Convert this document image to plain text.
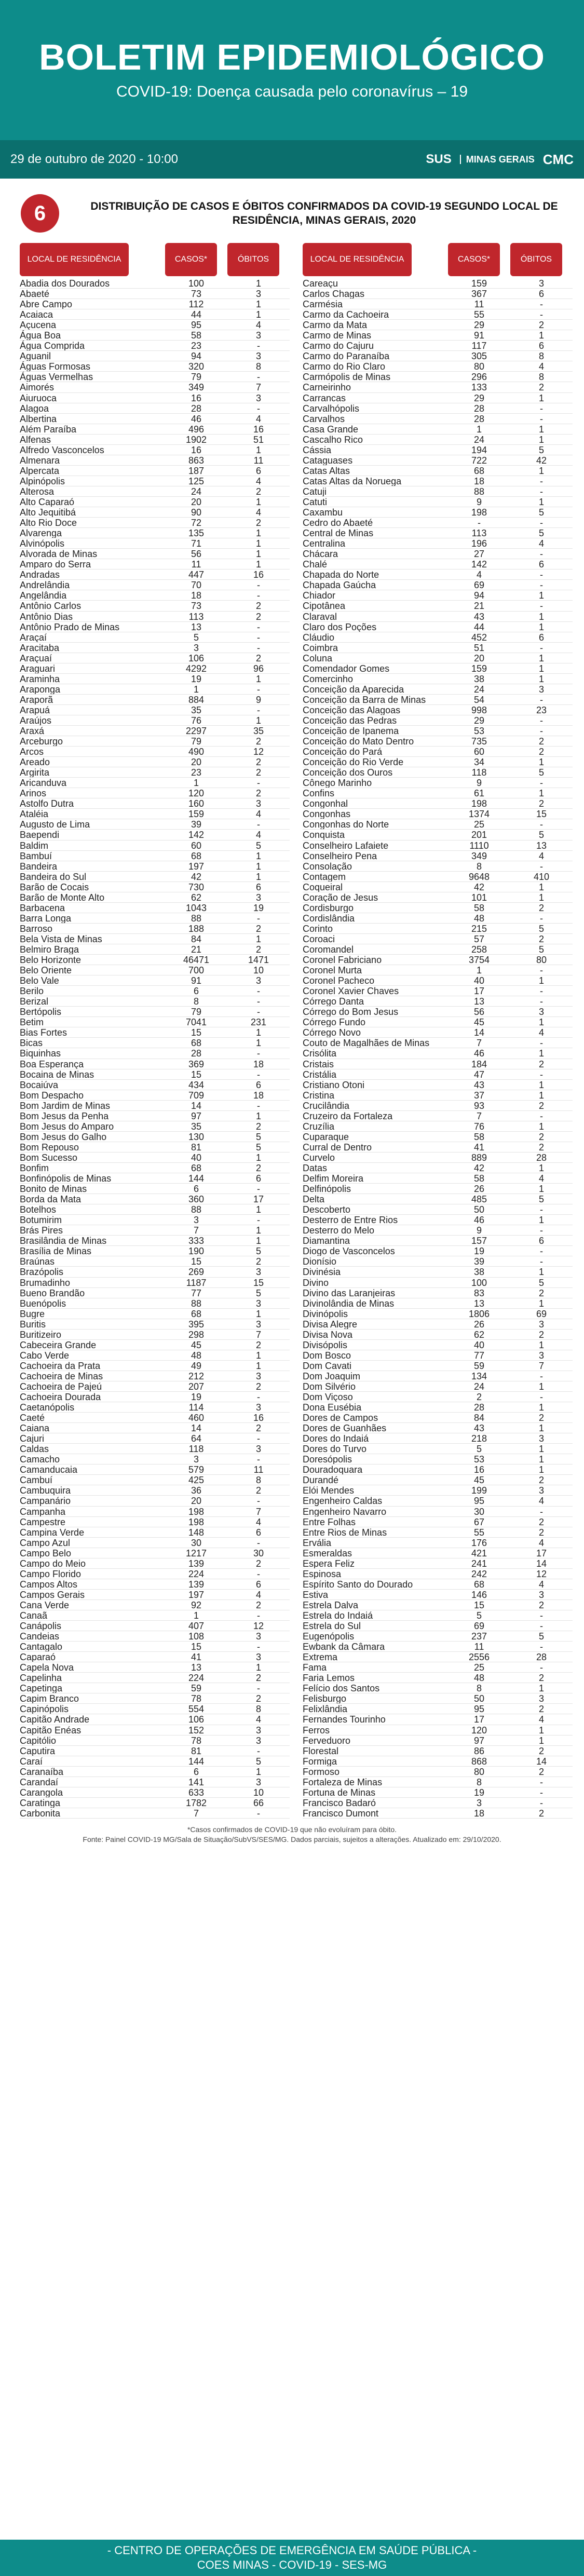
BOLETIM EPIDEMIOLÓGICO
COVID-19: Doença causada pelo coronavírus – 19
29 de outubro de 2020 - 10:00	SUS	MINAS GERAIS CMC
6	DISTRIBUIÇÃO DE CASOS E ÓBITOS CONFIRMADOS DA COVID-19 SEGUNDO LOCAL DE RESIDÊNCIA, MINAS GERAIS, 2020
LOCAL DE RESIDÊNCIA	CASOS*	ÓBITOS
Abadia dos Dourados	100	1
Abaeté	73	3
Abre Campo	112	1
Acaiaca	44	1
Açucena	95	4
Água Boa	58	3
Água Comprida	23	-
Aguanil	94	3
Águas Formosas	320	8
Águas Vermelhas	79	-
Aimorés	349	7
Aiuruoca	16	3
Alagoa	28	-
Albertina	46	4
Além Paraíba	496	16
Alfenas	1902	51
Alfredo Vasconcelos	16	1
Almenara	863	11
Alpercata	187	6
Alpinópolis	125	4
Alterosa	24	2
Alto Caparaó	20	1
Alto Jequitibá	90	4
Alto Rio Doce	72	2
Alvarenga	135	1
Alvinópolis	71	1
Alvorada de Minas	56	1
Amparo do Serra	11	1
Andradas	447	16
Andrelândia	70	-
Angelândia	18	-
Antônio Carlos	73	2
Antônio Dias	113	2
Antônio Prado de Minas	13	-
Araçaí	5	-
Aracitaba	3	-
Araçuaí	106	2
Araguari	4292	96
Araminha	19	1
Araponga	1	-
Araporã	884	9
Arapuá	35	-
Araújos	76	1
Araxá	2297	35
Arceburgo	79	2
Arcos	490	12
Areado	20	2
Argirita	23	2
Aricanduva	1	-
Arinos	120	2
Astolfo Dutra	160	3
Ataléia	159	4
Augusto de Lima	39	-
Baependi	142	4
Baldim	60	5
Bambuí	68	1
Bandeira	197	1
Bandeira do Sul	42	1
Barão de Cocais	730	6
Barão de Monte Alto	62	3
Barbacena	1043	19
Barra Longa	88	-
Barroso	188	2
Bela Vista de Minas	84	1
Belmiro Braga	21	2
Belo Horizonte	46471	1471
Belo Oriente	700	10
Belo Vale	91	3
Berilo	6	-
Berizal	8	-
Bertópolis	79	-
Betim	7041	231
Bias Fortes	15	1
Bicas	68	1
Biquinhas	28	-
Boa Esperança	369	18
Bocaina de Minas	15	-
Bocaiúva	434	6
Bom Despacho	709	18
Bom Jardim de Minas	14	-
Bom Jesus da Penha	97	1
Bom Jesus do Amparo	35	2
Bom Jesus do Galho	130	5
Bom Repouso	81	5
Bom Sucesso	40	1
Bonfim	68	2
Bonfinópolis de Minas	144	6
Bonito de Minas	6	-
Borda da Mata	360	17
Botelhos	88	1
Botumirim	3	-
Brás Pires	7	1
Brasilândia de Minas	333	1
Brasília de Minas	190	5
Braúnas	15	2
Brazópolis	269	3
Brumadinho	1187	15
Bueno Brandão	77	5
Buenópolis	88	3
Bugre	68	1
Buritis	395	3
Buritizeiro	298	7
Cabeceira Grande	45	2
Cabo Verde	48	1
Cachoeira da Prata	49	1
Cachoeira de Minas	212	3
Cachoeira de Pajeú	207	2
Cachoeira Dourada	19	-
Caetanópolis	114	3
Caeté	460	16
Caiana	14	2
Cajuri	64	-
Caldas	118	3
Camacho	3	-
Camanducaia	579	11
Cambuí	425	8
Cambuquira	36	2
Campanário	20	-
Campanha	198	7
Campestre	198	4
Campina Verde	148	6
Campo Azul	30	-
Campo Belo	1217	30
Campo do Meio	139	2
Campo Florido	224	-
Campos Altos	139	6
Campos Gerais	197	4
Cana Verde	92	2
Canaã	1	-
Canápolis	407	12
Candeias	108	3
Cantagalo	15	-
Caparaó	41	3
Capela Nova	13	1
Capelinha	224	2
Capetinga	59	-
Capim Branco	78	2
Capinópolis	554	8
Capitão Andrade	106	4
Capitão Enéas	152	3
Capitólio	78	3
Caputira	81	-
Caraí	144	5
Caranaíba	6	1
Carandaí	141	3
Carangola	633	10
Caratinga	1782	66
Carbonita	7	-
LOCAL DE RESIDÊNCIA	CASOS*	ÓBITOS
Careaçu	159	3
Carlos Chagas	367	6
Carmésia	11	-
Carmo da Cachoeira	55	-
Carmo da Mata	29	2
Carmo de Minas	91	1
Carmo do Cajuru	117	6
Carmo do Paranaíba	305	8
Carmo do Rio Claro	80	4
Carmópolis de Minas	296	8
Carneirinho	133	2
Carrancas	29	1
Carvalhópolis	28	-
Carvalhos	28	-
Casa Grande	1	1
Cascalho Rico	24	1
Cássia	194	5
Cataguases	722	42
Catas Altas	68	1
Catas Altas da Noruega	18	-
Catuji	88	-
Catuti	9	1
Caxambu	198	5
Cedro do Abaeté	-	-
Central de Minas	113	5
Centralina	196	4
Chácara	27	-
Chalé	142	6
Chapada do Norte	4	-
Chapada Gaúcha	69	-
Chiador	94	1
Cipotânea	21	-
Claraval	43	1
Claro dos Poções	44	1
Cláudio	452	6
Coimbra	51	-
Coluna	20	1
Comendador Gomes	159	1
Comercinho	38	1
Conceição da Aparecida	24	3
Conceição da Barra de Minas	54	-
Conceição das Alagoas	998	23
Conceição das Pedras	29	-
Conceição de Ipanema	53	-
Conceição do Mato Dentro	735	2
Conceição do Pará	60	2
Conceição do Rio Verde	34	1
Conceição dos Ouros	118	5
Cônego Marinho	9	-
Confins	61	1
Congonhal	198	2
Congonhas	1374	15
Congonhas do Norte	25	-
Conquista	201	5
Conselheiro Lafaiete	1110	13
Conselheiro Pena	349	4
Consolação	8	-
Contagem	9648	410
Coqueiral	42	1
Coração de Jesus	101	1
Cordisburgo	58	2
Cordislândia	48	-
Corinto	215	5
Coroaci	57	2
Coromandel	258	5
Coronel Fabriciano	3754	80
Coronel Murta	1	-
Coronel Pacheco	40	1
Coronel Xavier Chaves	17	-
Córrego Danta	13	-
Córrego do Bom Jesus	56	3
Córrego Fundo	45	1
Córrego Novo	14	4
Couto de Magalhães de Minas	7	-
Crisólita	46	1
Cristais	184	2
Cristália	47	-
Cristiano Otoni	43	1
Cristina	37	1
Crucilândia	93	2
Cruzeiro da Fortaleza	7	-
Cruzília	76	1
Cuparaque	58	2
Curral de Dentro	41	2
Curvelo	889	28
Datas	42	1
Delfim Moreira	58	4
Delfinópolis	26	1
Delta	485	5
Descoberto	50	-
Desterro de Entre Rios	46	1
Desterro do Melo	9	-
Diamantina	157	6
Diogo de Vasconcelos	19	-
Dionísio	39	-
Divinésia	38	1
Divino	100	5
Divino das Laranjeiras	83	2
Divinolândia de Minas	13	1
Divinópolis	1806	69
Divisa Alegre	26	3
Divisa Nova	62	2
Divisópolis	40	1
Dom Bosco	77	3
Dom Cavati	59	7
Dom Joaquim	134	-
Dom Silvério	24	1
Dom Viçoso	2	-
Dona Eusébia	28	1
Dores de Campos	84	2
Dores de Guanhães	43	1
Dores do Indaiá	218	3
Dores do Turvo	5	1
Doresópolis	53	1
Douradoquara	16	1
Durandé	45	2
Elói Mendes	199	3
Engenheiro Caldas	95	4
Engenheiro Navarro	30	-
Entre Folhas	67	2
Entre Rios de Minas	55	2
Ervália	176	4
Esmeraldas	421	17
Espera Feliz	241	14
Espinosa	242	12
Espírito Santo do Dourado	68	4
Estiva	146	3
Estrela Dalva	15	2
Estrela do Indaiá	5	-
Estrela do Sul	69	-
Eugenópolis	237	5
Ewbank da Câmara	11	-
Extrema	2556	28
Fama	25	-
Faria Lemos	48	2
Felício dos Santos	8	1
Felisburgo	50	3
Felixlândia	95	2
Fernandes Tourinho	17	4
Ferros	120	1
Ferveduoro	97	1
Florestal	86	2
Formiga	868	14
Formoso	80	2
Fortaleza de Minas	8	-
Fortuna de Minas	19	-
Francisco Badaró	3	-
Francisco Dumont	18	2
*Casos confirmados de COVID-19 que não evoluíram para óbito.
Fonte: Painel COVID-19 MG/Sala de Situação/SubVS/SES/MG. Dados parciais, sujeitos a alterações. Atualizado em: 29/10/2020.
- CENTRO DE OPERAÇÕES DE EMERGÊNCIA EM SAÚDE PÚBLICA -
COES MINAS - COVID-19 - SES-MG
